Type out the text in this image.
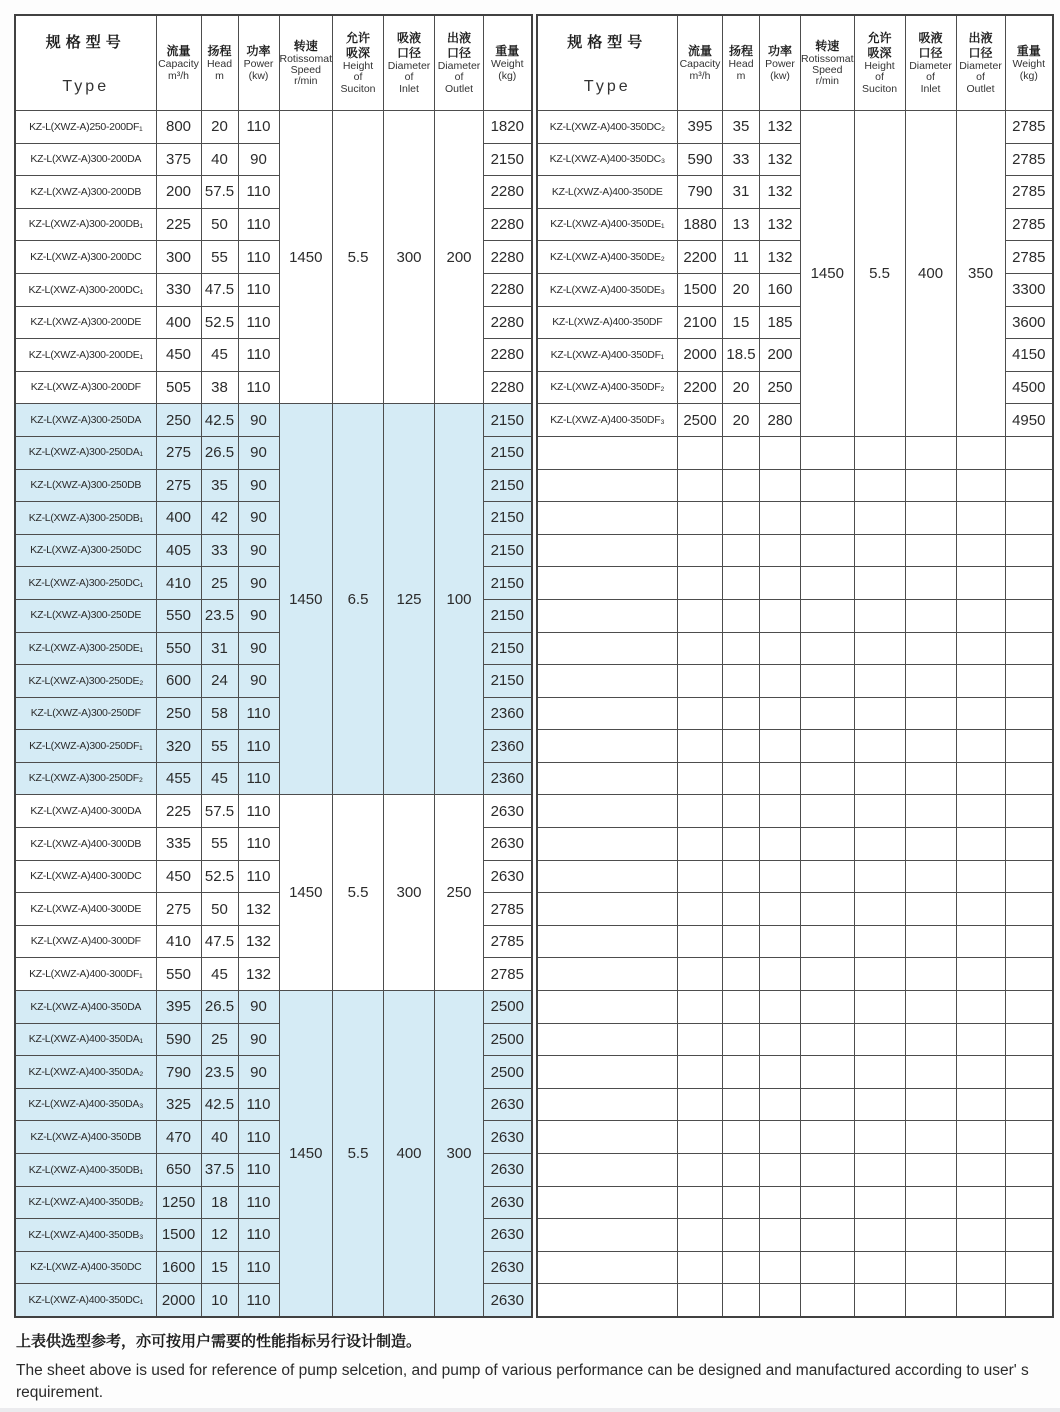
规格型号
Type

流量
Capacity
m³/h

扬程
Head
m

功率
Power
(kw)

转速
Rotissomat
Speed
r/min

允许
吸深
Height
of
Suciton

吸液
口径
Diameter
of
Inlet

出液
口径
Diameter
of
Outlet

重量
Weight
(kg)

KZ-L(XWZ-A)250-200DF₁	800	20	110	1450	5.5	300	200	1820
KZ-L(XWZ-A)300-200DA	375	40	90					2150
KZ-L(XWZ-A)300-200DB	200	57.5	110					2280
KZ-L(XWZ-A)300-200DB₁	225	50	110					2280
KZ-L(XWZ-A)300-200DC	300	55	110					2280
KZ-L(XWZ-A)300-200DC₁	330	47.5	110					2280
KZ-L(XWZ-A)300-200DE	400	52.5	110					2280
KZ-L(XWZ-A)300-200DE₁	450	45	110					2280
KZ-L(XWZ-A)300-200DF	505	38	110					2280
KZ-L(XWZ-A)300-250DA	250	42.5	90	1450	6.5	125	100	2150
KZ-L(XWZ-A)300-250DA₁	275	26.5	90					2150
KZ-L(XWZ-A)300-250DB	275	35	90					2150
KZ-L(XWZ-A)300-250DB₁	400	42	90					2150
KZ-L(XWZ-A)300-250DC	405	33	90					2150
KZ-L(XWZ-A)300-250DC₁	410	25	90					2150
KZ-L(XWZ-A)300-250DE	550	23.5	90					2150
KZ-L(XWZ-A)300-250DE₁	550	31	90					2150
KZ-L(XWZ-A)300-250DE₂	600	24	90					2150
KZ-L(XWZ-A)300-250DF	250	58	110					2360
KZ-L(XWZ-A)300-250DF₁	320	55	110					2360
KZ-L(XWZ-A)300-250DF₂	455	45	110					2360
KZ-L(XWZ-A)400-300DA	225	57.5	110	1450	5.5	300	250	2630
KZ-L(XWZ-A)400-300DB	335	55	110					2630
KZ-L(XWZ-A)400-300DC	450	52.5	110					2630
KZ-L(XWZ-A)400-300DE	275	50	132					2785
KZ-L(XWZ-A)400-300DF	410	47.5	132					2785
KZ-L(XWZ-A)400-300DF₁	550	45	132					2785
KZ-L(XWZ-A)400-350DA	395	26.5	90	1450	5.5	400	300	2500
KZ-L(XWZ-A)400-350DA₁	590	25	90					2500
KZ-L(XWZ-A)400-350DA₂	790	23.5	90					2500
KZ-L(XWZ-A)400-350DA₃	325	42.5	110					2630
KZ-L(XWZ-A)400-350DB	470	40	110					2630
KZ-L(XWZ-A)400-350DB₁	650	37.5	110					2630
KZ-L(XWZ-A)400-350DB₂	1250	18	110					2630
KZ-L(XWZ-A)400-350DB₃	1500	12	110					2630
KZ-L(XWZ-A)400-350DC	1600	15	110					2630
KZ-L(XWZ-A)400-350DC₁	2000	10	110					2630
规格型号
Type

流量
Capacity
m³/h

扬程
Head
m

功率
Power
(kw)

转速
Rotissomat
Speed
r/min

允许
吸深
Height
of
Suciton

吸液
口径
Diameter
of
Inlet

出液
口径
Diameter
of
Outlet

重量
Weight
(kg)

KZ-L(XWZ-A)400-350DC₂	395	35	132	1450	5.5	400	350	2785
KZ-L(XWZ-A)400-350DC₃	590	33	132					2785
KZ-L(XWZ-A)400-350DE	790	31	132					2785
KZ-L(XWZ-A)400-350DE₁	1880	13	132					2785
KZ-L(XWZ-A)400-350DE₂	2200	11	132					2785
KZ-L(XWZ-A)400-350DE₃	1500	20	160					3300
KZ-L(XWZ-A)400-350DF	2100	15	185					3600
KZ-L(XWZ-A)400-350DF₁	2000	18.5	200					4150
KZ-L(XWZ-A)400-350DF₂	2200	20	250					4500
KZ-L(XWZ-A)400-350DF₃	2500	20	280					4950

上表供选型参考，亦可按用户需要的性能指标另行设计制造。

The sheet above is used for reference of pump selcetion, and pump of various performance can be designed and manufactured according to user' s requirement.
